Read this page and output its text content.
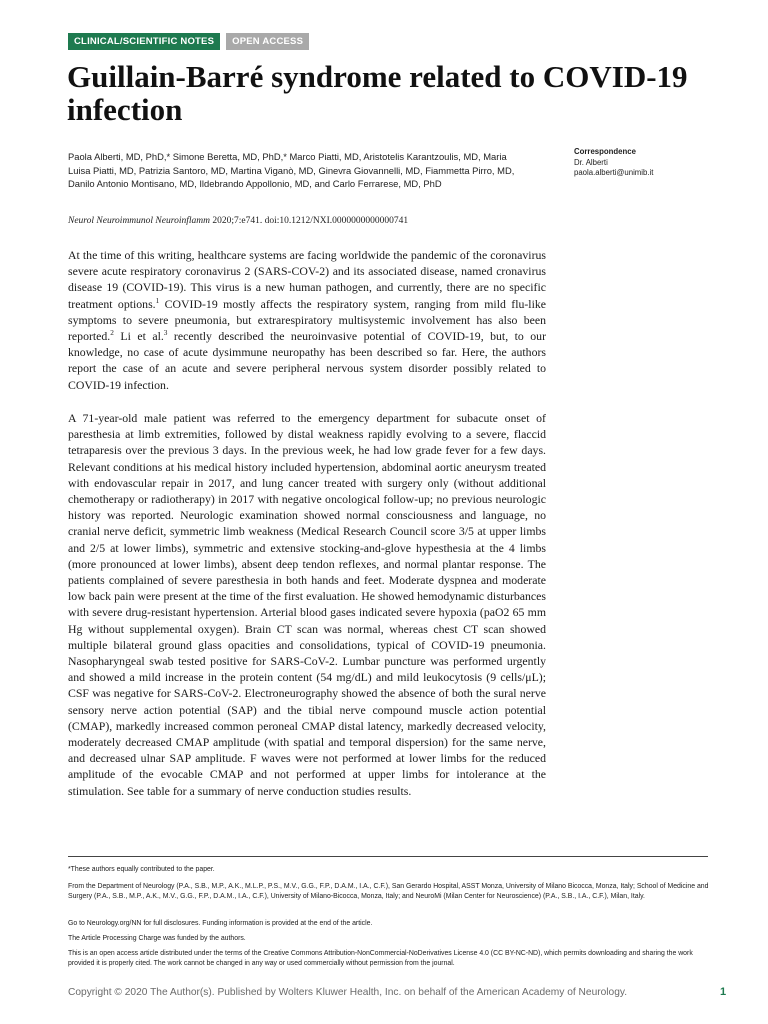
CLINICAL/SCIENTIFIC NOTES	OPEN ACCESS
Guillain-Barré syndrome related to COVID-19 infection
Paola Alberti, MD, PhD,* Simone Beretta, MD, PhD,* Marco Piatti, MD, Aristotelis Karantzoulis, MD, Maria Luisa Piatti, MD, Patrizia Santoro, MD, Martina Viganò, MD, Ginevra Giovannelli, MD, Fiammetta Pirro, MD, Danilo Antonio Montisano, MD, Ildebrando Appollonio, MD, and Carlo Ferrarese, MD, PhD
Correspondence
Dr. Alberti
paola.alberti@unimib.it
Neurol Neuroimmunol Neuroinflamm 2020;7:e741. doi:10.1212/NXI.0000000000000741

At the time of this writing, healthcare systems are facing worldwide the pandemic of the coronavirus severe acute respiratory coronavirus 2 (SARS-COV-2) and its associated disease, named cronavirus disease 19 (COVID-19). This virus is a new human pathogen, and currently, there are no specific treatment options.$^1$ COVID-19 mostly affects the respiratory system, ranging from mild flu-like symptoms to severe pneumonia, but extrarespiratory multisystemic involvement has also been reported.$^2$ Li et al.$^3$ recently described the neuroinvasive potential of COVID-19, but, to our knowledge, no case of acute dysimmune neuropathy has been described so far. Here, the authors report the case of an acute and severe peripheral nervous system disorder possibly related to COVID-19 infection.

A 71-year-old male patient was referred to the emergency department for subacute onset of paresthesia at limb extremities, followed by distal weakness rapidly evolving to a severe, flaccid tetraparesis over the previous 3 days. In the previous week, he had low grade fever for a few days. Relevant conditions at his medical history included hypertension, abdominal aortic aneurysm treated with endovascular repair in 2017, and lung cancer treated with surgery only (without additional chemotherapy or radiotherapy) in 2017 with negative oncological follow-up; no previous neurologic history was reported. Neurologic examination showed normal consciousness and language, no cranial nerve deficit, symmetric limb weakness (Medical Research Council score 3/5 at upper limbs and 2/5 at lower limbs), symmetric and extensive stocking-and-glove hypesthesia at the 4 limbs (more pronounced at lower limbs), absent deep tendon reflexes, and normal plantar response. The patients complained of severe paresthesia in both hands and feet. Moderate dyspnea and moderate low back pain were present at the time of the first evaluation. He showed hemodynamic disturbances with severe drug-resistant hypertension. Arterial blood gases indicated severe hypoxia (paO2 65 mm Hg without supplemental oxygen). Brain CT scan was normal, whereas chest CT scan showed multiple bilateral ground glass opacities and consolidations, typical of COVID-19 pneumonia. Nasopharyngeal swab tested positive for SARS-CoV-2. Lumbar puncture was performed urgently and showed a mild increase in the protein content (54 mg/dL) and mild leukocytosis (9 cells/μL); CSF was negative for SARS-CoV-2. Electroneurography showed the absence of both the sural nerve sensory nerve action potential (SAP) and the tibial nerve compound muscle action potential (CMAP), markedly increased common peroneal CMAP distal latency, markedly decreased velocity, moderately decreased CMAP amplitude (with spatial and temporal dispersion) for the same nerve, and decreased ulnar SAP amplitude. F waves were not performed at lower limbs for the reduced amplitude of the evocable CMAP and not performed at upper limbs for intolerance at the stimulation. See table for a summary of nerve conduction studies results.

*These authors equally contributed to the paper.

From the Department of Neurology (P.A., S.B., M.P., A.K., M.L.P., P.S., M.V., G.G., F.P., D.A.M., I.A., C.F.), San Gerardo Hospital, ASST Monza, University of Milano Bicocca, Monza, Italy; School of Medicine and Surgery (P.A., S.B., M.P., A.K., M.V., G.G., F.P., D.A.M., I.A., C.F.), University of Milano-Bicocca, Monza, Italy; and NeuroMi (Milan Center for Neuroscience) (P.A., S.B., I.A., C.F.), Milan, Italy.

Go to Neurology.org/NN for full disclosures. Funding information is provided at the end of the article.

The Article Processing Charge was funded by the authors.

This is an open access article distributed under the terms of the Creative Commons Attribution-NonCommercial-NoDerivatives License 4.0 (CC BY-NC-ND), which permits downloading and sharing the work provided it is properly cited. The work cannot be changed in any way or used commercially without permission from the journal.

Copyright © 2020 The Author(s). Published by Wolters Kluwer Health, Inc. on behalf of the American Academy of Neurology.	1
